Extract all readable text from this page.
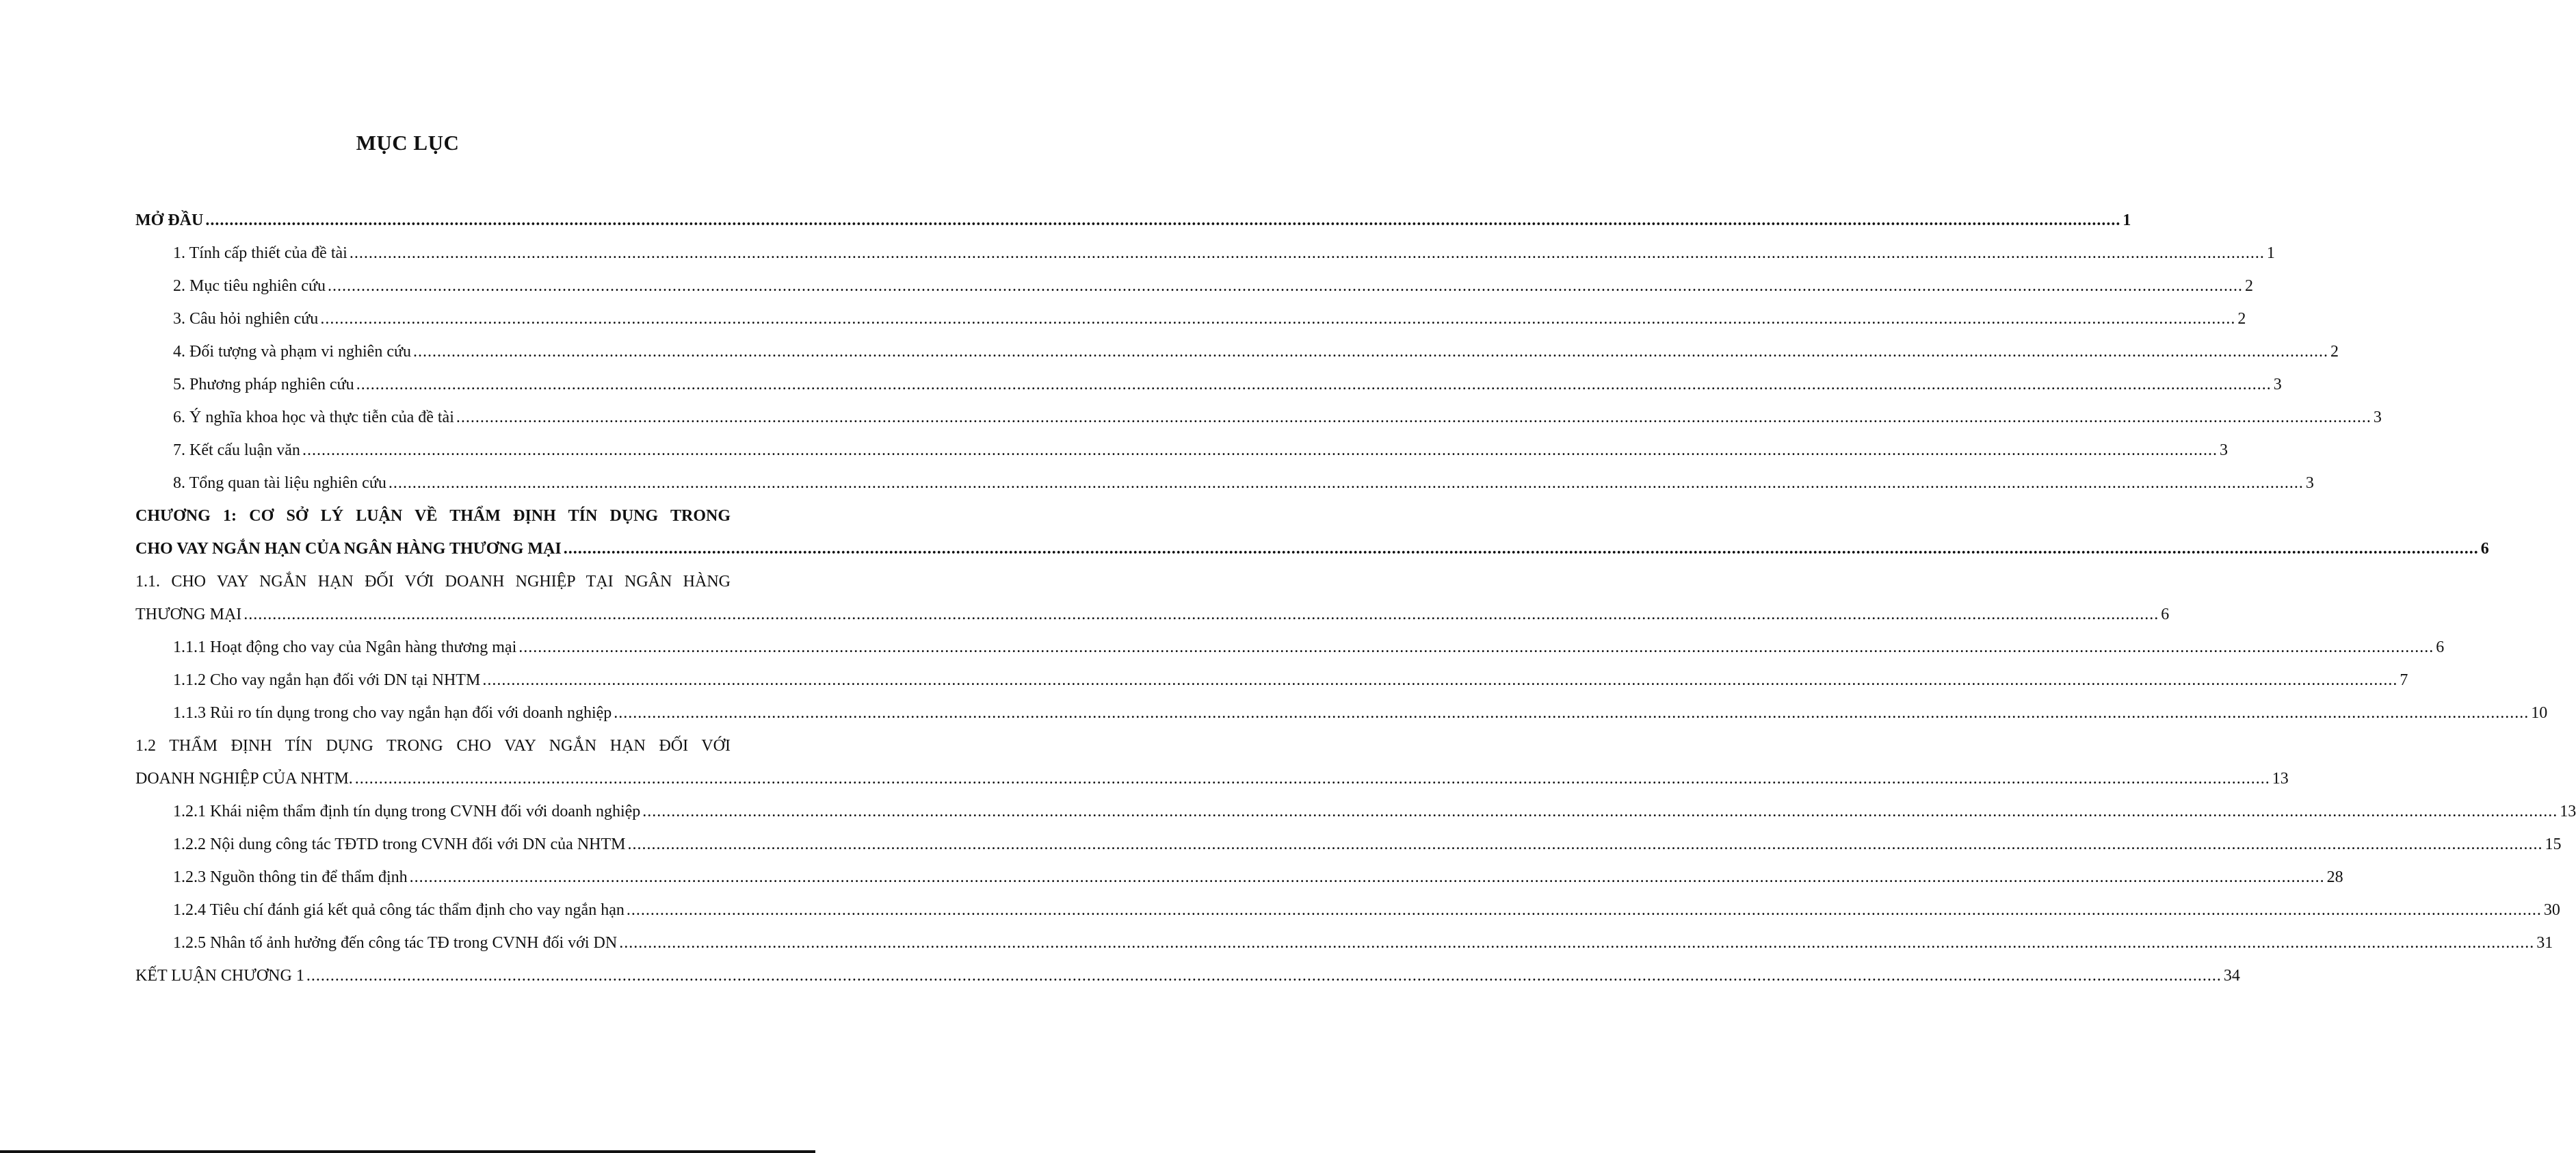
MỤC LỤC
MỞ ĐẦU ................................................................................................................................................................................................................................................................................................................................................................................................................ 1
1. Tính cấp thiết của đề tài ................................................................................................................................................................................................................................................................................................................................................................................................................ 1
2. Mục tiêu nghiên cứu ................................................................................................................................................................................................................................................................................................................................................................................................................ 2
3. Câu hỏi nghiên cứu ................................................................................................................................................................................................................................................................................................................................................................................................................ 2
4. Đối tượng và phạm vi nghiên cứu ................................................................................................................................................................................................................................................................................................................................................................................................................ 2
5. Phương pháp nghiên cứu ................................................................................................................................................................................................................................................................................................................................................................................................................ 3
6. Ý nghĩa khoa học và thực tiễn của đề tài ................................................................................................................................................................................................................................................................................................................................................................................................................ 3
7. Kết cấu luận văn ................................................................................................................................................................................................................................................................................................................................................................................................................ 3
8. Tổng quan tài liệu nghiên cứu ................................................................................................................................................................................................................................................................................................................................................................................................................ 3
CHƯƠNG 1: CƠ SỞ LÝ LUẬN VỀ THẨM ĐỊNH TÍN DỤNG TRONG
CHO VAY NGẮN HẠN CỦA NGÂN HÀNG THƯƠNG MẠI ................................................................................................................................................................................................................................................................................................................................................................................................................ 6
1.1. CHO VAY NGẮN HẠN ĐỐI VỚI DOANH NGHIỆP TẠI NGÂN HÀNG
THƯƠNG MẠI ................................................................................................................................................................................................................................................................................................................................................................................................................ 6
1.1.1 Hoạt động cho vay của Ngân hàng thương mại ................................................................................................................................................................................................................................................................................................................................................................................................................ 6
1.1.2 Cho vay ngắn hạn đối với DN tại NHTM ................................................................................................................................................................................................................................................................................................................................................................................................................ 7
1.1.3 Rủi ro tín dụng trong cho vay ngắn hạn đối với doanh nghiệp ................................................................................................................................................................................................................................................................................................................................................................................................................ 10
1.2 THẨM ĐỊNH TÍN DỤNG TRONG CHO VAY NGẮN HẠN ĐỐI VỚI
DOANH NGHIỆP CỦA NHTM. ................................................................................................................................................................................................................................................................................................................................................................................................................ 13
1.2.1 Khái niệm thẩm định tín dụng trong CVNH đối với doanh nghiệp ................................................................................................................................................................................................................................................................................................................................................................................................................ 13
1.2.2 Nội dung công tác TĐTD trong CVNH đối với DN của NHTM ................................................................................................................................................................................................................................................................................................................................................................................................................ 15
1.2.3 Nguồn thông tin để thẩm định ................................................................................................................................................................................................................................................................................................................................................................................................................ 28
1.2.4 Tiêu chí đánh giá kết quả công tác thẩm định cho vay ngắn hạn ................................................................................................................................................................................................................................................................................................................................................................................................................ 30
1.2.5 Nhân tố ảnh hưởng đến công tác TĐ trong CVNH đối với DN ................................................................................................................................................................................................................................................................................................................................................................................................................ 31
KẾT LUẬN CHƯƠNG 1 ................................................................................................................................................................................................................................................................................................................................................................................................................ 34
